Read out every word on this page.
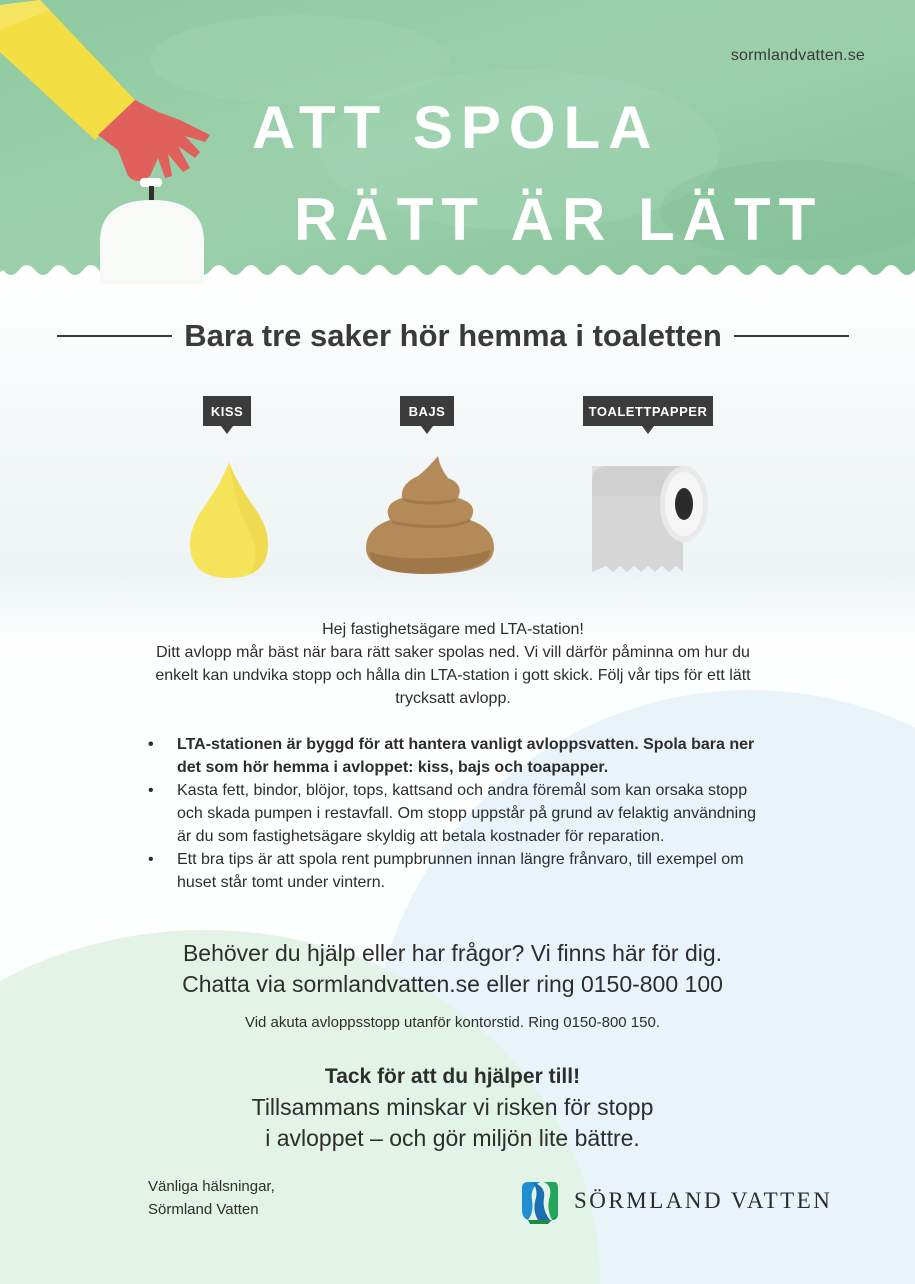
sormlandvatten.se
ATT SPOLA
RÄTT ÄR LÄTT
Bara tre saker hör hemma i toaletten
KISS	BAJS	TOALETTPAPPER

Hej fastighetsägare med LTA-station!

Ditt avlopp mår bäst när bara rätt saker spolas ned. Vi vill därför påminna om hur du enkelt kan undvika stopp och hålla din LTA-station i gott skick. Följ vår tips för ett lätt trycksatt avlopp.

• LTA-stationen är byggd för att hantera vanligt avloppsvatten. Spola bara ner det som hör hemma i avloppet: kiss, bajs och toapapper.
• Kasta fett, bindor, blöjor, tops, kattsand och andra föremål som kan orsaka stopp och skada pumpen i restavfall. Om stopp uppstår på grund av felaktig användning är du som fastighetsägare skyldig att betala kostnader för reparation.
• Ett bra tips är att spola rent pumpbrunnen innan längre frånvaro, till exempel om huset står tomt under vintern.

Behöver du hjälp eller har frågor? Vi finns här för dig.

Chatta via sormlandvatten.se eller ring 0150-800 100

Vid akuta avloppsstopp utanför kontorstid. Ring 0150-800 150.
Tack för att du hjälper till!
Tillsammans minskar vi risken för stopp
i avloppet – och gör miljön lite bättre.

Vänliga hälsningar,

Sörmland Vatten	SÖRMLAND VATTEN
